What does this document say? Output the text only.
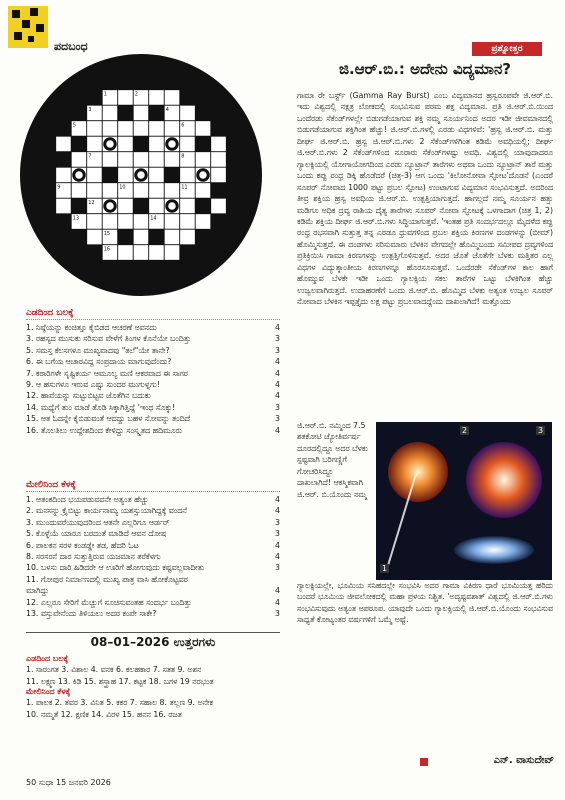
ಪದಬಂಧ
1	2
3	4
5	6
7	8
9	10	11
12
13	14
15
16
ಎಡದಿಂದ ಬಲಕ್ಕೆ
1. ನಿಷ್ಠೆಯನ್ನು ಕಂಚಿತ್ತೂ ಕೈಬಿಡದ ಆಚರಣೆ ಅವನದು	4
3. ರಹಸ್ಯದ ಮುಸುಕು ಸರಿಸುವ ವೇಳೆಗೆ ತಿಂಗಳ ಕೊನೆಯೇ ಬಂದಿತ್ತು	3
5. ಸಮಸ್ತ ಕೆಲಸಗಳೂ ಮುಖ್ಯವಾದವು "ತಲೆ"ಯೇ ತಾನೇ?	3
6. ಈ ಬಗೆಯ ಆಚಾರವಿದ್ದ ಸಂಪ್ರದಾಯ ಮಾಗುವುದೆಂದು?	4
7. ಕಠಾರಿಗಳೇ ಸೃಷ್ಟಿಕರ್ಯ ಆಮೂಲ್ಯ ಮಣಿ ಆಕರವಾದ ಈ ಸಾಗರ	4
9. ಆ ಹಸುಗಳೂ ಇರುವ ಎಷ್ಟು ಸುಂದರ ಮುಗುಳ್ನಗು!	4
12. ಹಾವೆಯನ್ನು ಸುಟ್ಟುಬಿಟ್ಟವ ಜೊತೆಗಿನ ಬದುಕು	4
14. ಮಧ್ಯೆಗೆ ತುಂ ಮಾಡೆ ತೊಡಿ ಸಿಕ್ಕಾಗಿತ್ತಿದ್ದೆ 'ಇಂಥ ಸೊಕ್ಕು!	3
15. ಆತ ಓದನ್ನೇ ಕೈಬಿಡುವಂತೆ ಆದದ್ದು ಬಹಳ ನೋವನ್ನು ತಂದಿದೆ	3
16. ತೊಲತಿಲು ಉದ್ದೇಶದಿಂದ ಕೇಳಿದ್ದು ಸಂಸ್ಕೃತದ ಹದಿಮೂರು	4
ಮೇಲಿನಿಂದ ಕೆಳಕ್ಕೆ
1. ಆತಂಕದಿಂದ ಭಯಪಡುವವನೇ ಅತ್ಯಂತ ಹೆಚ್ಚು	4
2. ಮನಸನ್ನು ಕ್ರೈಬಿಟ್ಟು ಕಾರ್ಯನಾಮ್ಯ ಯಶಸ್ಸುಯಾಗಿದ್ದಕ್ಕೆ ವಂದನೆ	4
3. ಮುಂದುವರೆಯುವುದರಿಂದ ಆತನೇ ಎಲ್ಲರಿಗೂ ಆರ್ಡರ್	3
5. ಕೊಳ್ಳೆಯೆ ಯಾರೂ ಬರದಂತೆ ಮಾಡಿದೆ ಆವನ ದೋಷ	3
6. ಪಾಲಕನ ಸರಳ ಕಂಡಡ್ಡೇ ತಡ, ಹೆದರಿ ಓಟ	4
8. ಸರಸರನೆ ದಾರ ಸುತ್ತುತ್ತಿರುವ ಯಜಮಾನ ತರೆಕೆಳಗು	4
10. ಬಳಸು ದಾರಿ ಹಿಡಿದರೇ ಆ ಊರಿಗೆ ಹೋಗುವುದು ಕಷ್ಟವಲ್ಲವಾದೀತು	3
11. ಗೋಪುರ ನಿರ್ಮಾಣದಲ್ಲಿ ಮುಖ್ಯ ಪಾತ್ರ ವಾಸಿ ಹೋಕೊಟ್ಟವರ
ಮಾಗಿದ್ದು	4
12. ಎಲ್ಲರೂ ಸೇರಿಗೆ ಮೆಚ್ಚುಗೆ ಸೂಚಿಸುವಂತಹ ಸಂದರ್ಭ ಬಂದಿತ್ತು	4
13. ವಸ್ತುವೇನೆಂದು ತಿಳಿಯಲು ಅದರ ಕಂಪೇ ಸಾಕೇ?	3
08–01–2026 ಉತ್ತರಗಳು
ಎಡದಿಂದ ಬಲಕ್ಕೆ
1. ಸಾರಂಗತ 3. ವಿಶಾಲ 4. ವನಕ 6. ಕಲಹಕಾರ 7. ಸತತ 9. ಅಶನ
11. ಲಕ್ಷ್ಮಣ 13. ಕಿಡಿ 15. ಶಸ್ತ್ರಾಹ 17. ಕಟ್ಟಕ 18. ಬಗಳ 19 ನರಭಂತ
ಮೇಲಿನಿಂದ ಕೆಳಕ್ಕೆ
1. ಪಾಲಕ 2. ತವರ 3. ವಿನಿತ 5. ಕಕರ 7. ಸಹಾಲ 8. ತಲ್ಲಣ 9. ಅನೇಕ
10. ನಮ್ಮತೆ 12. ಕ್ಷಣಿಕ 14. ವಿರಳ 15. ಹನನ 16. ರಜತ
ಪ್ರಶ್ನೋತ್ತರ
ಜಿ.ಆರ್.ಬಿ.: ಅದೇನು ವಿದ್ಯಮಾನ?
ಗಾಮಾ ರೇ ಬರ್ಸ್ಟ್ (Gamma Ray Burst) ಎಂಬ ವಿದ್ಯಮಾನದ ಹ್ರಸ್ವರೂಪವೇ ಜಿ.ಆರ್.ಬಿ. ಇದು ವಿಶ್ವದಲ್ಲಿ ನಕ್ಷತ್ರ ಲೋಕದಲ್ಲಿ ಸಂಭವಿಸುವ ಪರಮ ಶಕ್ತ ವಿದ್ಯಮಾನ. ಪ್ರತಿ ಜಿ.ಆರ್.ಬಿ.ಯಿಂದ ಒಂದೆರಡು ಸೆಕೆಂಡ್‌ಗಳಲ್ಲೇ ಬಿಡುಗಡೆಯಾಗುವ ಶಕ್ತಿ ನಮ್ಮ ಸೂರ್ಯನಿಂದ ಅದರ ಇಡೀ ಜೀವಮಾನದಲ್ಲಿ ಬಿಡುಗಡೆಯಾಗುವ ಶಕ್ತಿಗಿಂತ ಹೆಚ್ಚು! ಜಿ.ಆರ್.ಬಿ.ಗಳಲ್ಲಿ ಎರಡು ವಿಧಗಳಿವೆ: 'ಹ್ರಸ್ವ ಜಿ.ಆರ್.ಬಿ. ಮತ್ತು ದೀರ್ಘ ಜಿ.ಆರ್.ಬಿ. ಹ್ರಸ್ವ ಜಿ.ಆರ್.ಬಿ.ಗಳು 2 ಸೆಕೆಂಡ್‌ಗಳಿಗಿಂತ ಕಡಿಮೆ ಅವಧಿಯಲ್ಲಿ; ದೀರ್ಘ ಜಿ.ಆರ್.ಬಿ.ಗಳು 2 ಸೆಕೆಂಡ್‌ಗಳಿಂದ ನೂರಾರು ಸೆಕೆಂಡ್‌ಗಳಷ್ಟು ಅವಧಿ. ವಿಶ್ವದಲ್ಲಿ ಯಾವುದಾದರೂ ಗ್ಯಾಲಕ್ಸಿಯಲ್ಲಿ ಯೋಗಾಯೋಗದಿಂದ ಎರಡು ನ್ಯೂಟ್ರಾನ್ ತಾರೆಗಳು ಅಥವಾ ಒಂದು ನ್ಯೂಟ್ರಾನ್ ತಾರೆ ಮತ್ತು ಒಂದು ಕಪ್ಪು ರಂಧ್ರ ಡಿಕ್ಕಿ ಹೊಡೆದರೆ (ಚಿತ್ರ-3) ಆಗ ಒಂದು 'ಕಿಲೋನೋವಾ ಸ್ಫೋಟ'ದೊಡನೆ (ಎಂದರೆ ಸೂಪರ್ ನೋವಾದ 1000 ಪಟ್ಟು ಪ್ರಬಲ ಸ್ಫೋಟ) ಉಂಟಾಗುವ ವಿದ್ಯಮಾನ ಸಂಭವಿಸುತ್ತದೆ. ಅದರಿಂದ ತೀವ್ರ ಶಕ್ತಿಯ ಹ್ರಸ್ವ ಅವಧಿಯ ಜಿ.ಆರ್.ಬಿ. ಉತ್ಪತ್ತಿಯಾಗುತ್ತದೆ. ಹಾಗಲ್ಲದೆ ನಮ್ಮ ಸೂರ್ಯನ ಹತ್ತು ಮಡಿಗೂ ಅಧಿಕ ದ್ರವ್ಯ ರಾಶಿಯ ದೈತ್ಯ ತಾರೆಗಳು ಸೂಪರ್ ನೋವಾ ಸ್ಫೋಟಕ್ಕೆ ಒಳಗಾದಾಗ (ಚಿತ್ರ 1, 2) ಕಡಿಮೆ ಶಕ್ತಿಯ ದೀರ್ಘ ಜಿ.ಆರ್.ಬಿ.ಗಳು ಸಿದ್ಧಿಯಾಗುತ್ತವೆ. 'ಇಂತಹ ಪ್ರತಿ ಸಂದರ್ಭದಲ್ಲೂ ಮೈದಳೆದ ಕಪ್ಪು ರಂಧ್ರ ರಭಸವಾಗಿ ಸುತ್ತುತ್ತ ತನ್ನ ಎರಡೂ ಧ್ರುವಗಳಿಂದ ಪ್ರಬಲ ಶಕ್ತಿಯ ಕಿರಣಗಳ ದಂಡಗಳನ್ನು (ಬೀಮ್) ಹೊಮ್ಮಿಸುತ್ತದೆ. ಈ ದಂಡಗಳು ಸರಿಸುಮಾರು ಬೆಳಕಿನ ವೇಗದಲ್ಲೇ ಹೊಮ್ಮಿಬಂದು ಸಮೀಪದ ದ್ರವ್ಯಗಳಿಂದ ಪ್ರತಿಕ್ರಿಯಿಸಿ ಗಾಮಾ ಕಿರಣಗಳನ್ನು ಉತ್ಪತ್ತಿಗೊಳಿಸುತ್ತವೆ. ಅದರ ಜೊತೆ ಜೊತೆಗೇ ಬೆಳಕು ಮತ್ತಿತರ ಎಲ್ಲ ವಿಧಗಳ ವಿದ್ಯುತ್ಕಾಂತೀಯ ಕಿರಣಗಳನ್ನೂ ಹೊರಸೂಸುತ್ತವೆ. ಒಂದೆರಡೇ ಸೆಕೆಂಡ್‌ಗಳ ಕಾಲ ಹಾಗೆ ಹೊಮ್ಮುವ ಬೆಳಕೇ ಇಡೀ ಒಂದು ಗ್ಯಾಲಕ್ಸಿಯ ಸಕಲ ತಾರೆಗಳ ಒಟ್ಟು ಬೆಳಕಿಗಿಂತ ಹೆಚ್ಚು ಉಜ್ವಲವಾಗಿರುತ್ತದೆ. ಉದಾಹರಣೆಗೆ ಒಂದು ಜಿ.ಆರ್.ಬಿ. ಹೊಮ್ಮಿದ ಬೆಳಕು ಅತ್ಯಂತ ಉಜ್ವಲ ಸೂಪರ್ ನೋವಾದ ಬೆಳಕಿನ ಇಪ್ಪತ್ತೈದು ಲಕ್ಷ ಪಟ್ಟು ಪ್ರಬಲವಾದದ್ದೆಂದು ದಾಖಲಾಗಿದೆ! ಮತ್ತೊಂದು
ಜಿ.ಆರ್.ಬಿ. ನಮ್ಮಿಂದ 7.5 ಶತಕೋಟಿ ಜ್ಯೋತಿರ್ವರ್ಷ ದೂರದಲ್ಲಿದ್ದೂ ಅದರ ಬೆಳಕು ಸ್ಪಷ್ಟವಾಗಿ ಬರಿಗಣ್ಣಿಗೆ ಗೋಚರಿಸಿದ್ದೂ ದಾಖಲಾಗಿದೆ! ಆಕಸ್ಮಿಕವಾಗಿ ಜಿ.ಆರ್. ಬಿ.ಯೊಂದು ನಮ್ಮ
1
2	3
ಗ್ಯಾಲಕ್ಸಿಯಲ್ಲೇ, ಭೂಮಿಯ ಸನಿಹದಲ್ಲೇ ಸಂಭವಿಸಿ ಅದರ ಗಾಮಾ ವಿಕಿರಣ ಧಾರೆ ಭೂಮಿಯತ್ತ ಹರಿದು ಬಂದರೆ ಭೂಮಿಯ ಜೀವಲೋಕದಲ್ಲಿ ಮಹಾ ಪ್ರಳಯ ನಿಶ್ಚಿತ. 'ಅದೃಷ್ಟವಶಾತ್ ವಿಶ್ವದಲ್ಲಿ ಜಿ.ಆರ್.ಬಿ.ಗಳು ಸಂಭವಿಸುವುದು ಅತ್ಯಂತ ಅಪರೂಪ. ಯಾವುದೇ ಒಂದು ಗ್ಯಾಲಕ್ಸಿಯಲ್ಲಿ ಜಿ.ಆರ್.ಬಿ.ಯೊಂದು ಸಂಭವಿಸುವ ಸಾಧ್ಯತೆ ಕೋಟ್ಯಂತರ ವರ್ಷಗಳಿಗೆ ಒಮ್ಮೆ ಅಷ್ಟೆ.
ಎನ್. ವಾಸುದೇವ್
50 ಸುಧಾ 15 ಜನವರಿ 2026
